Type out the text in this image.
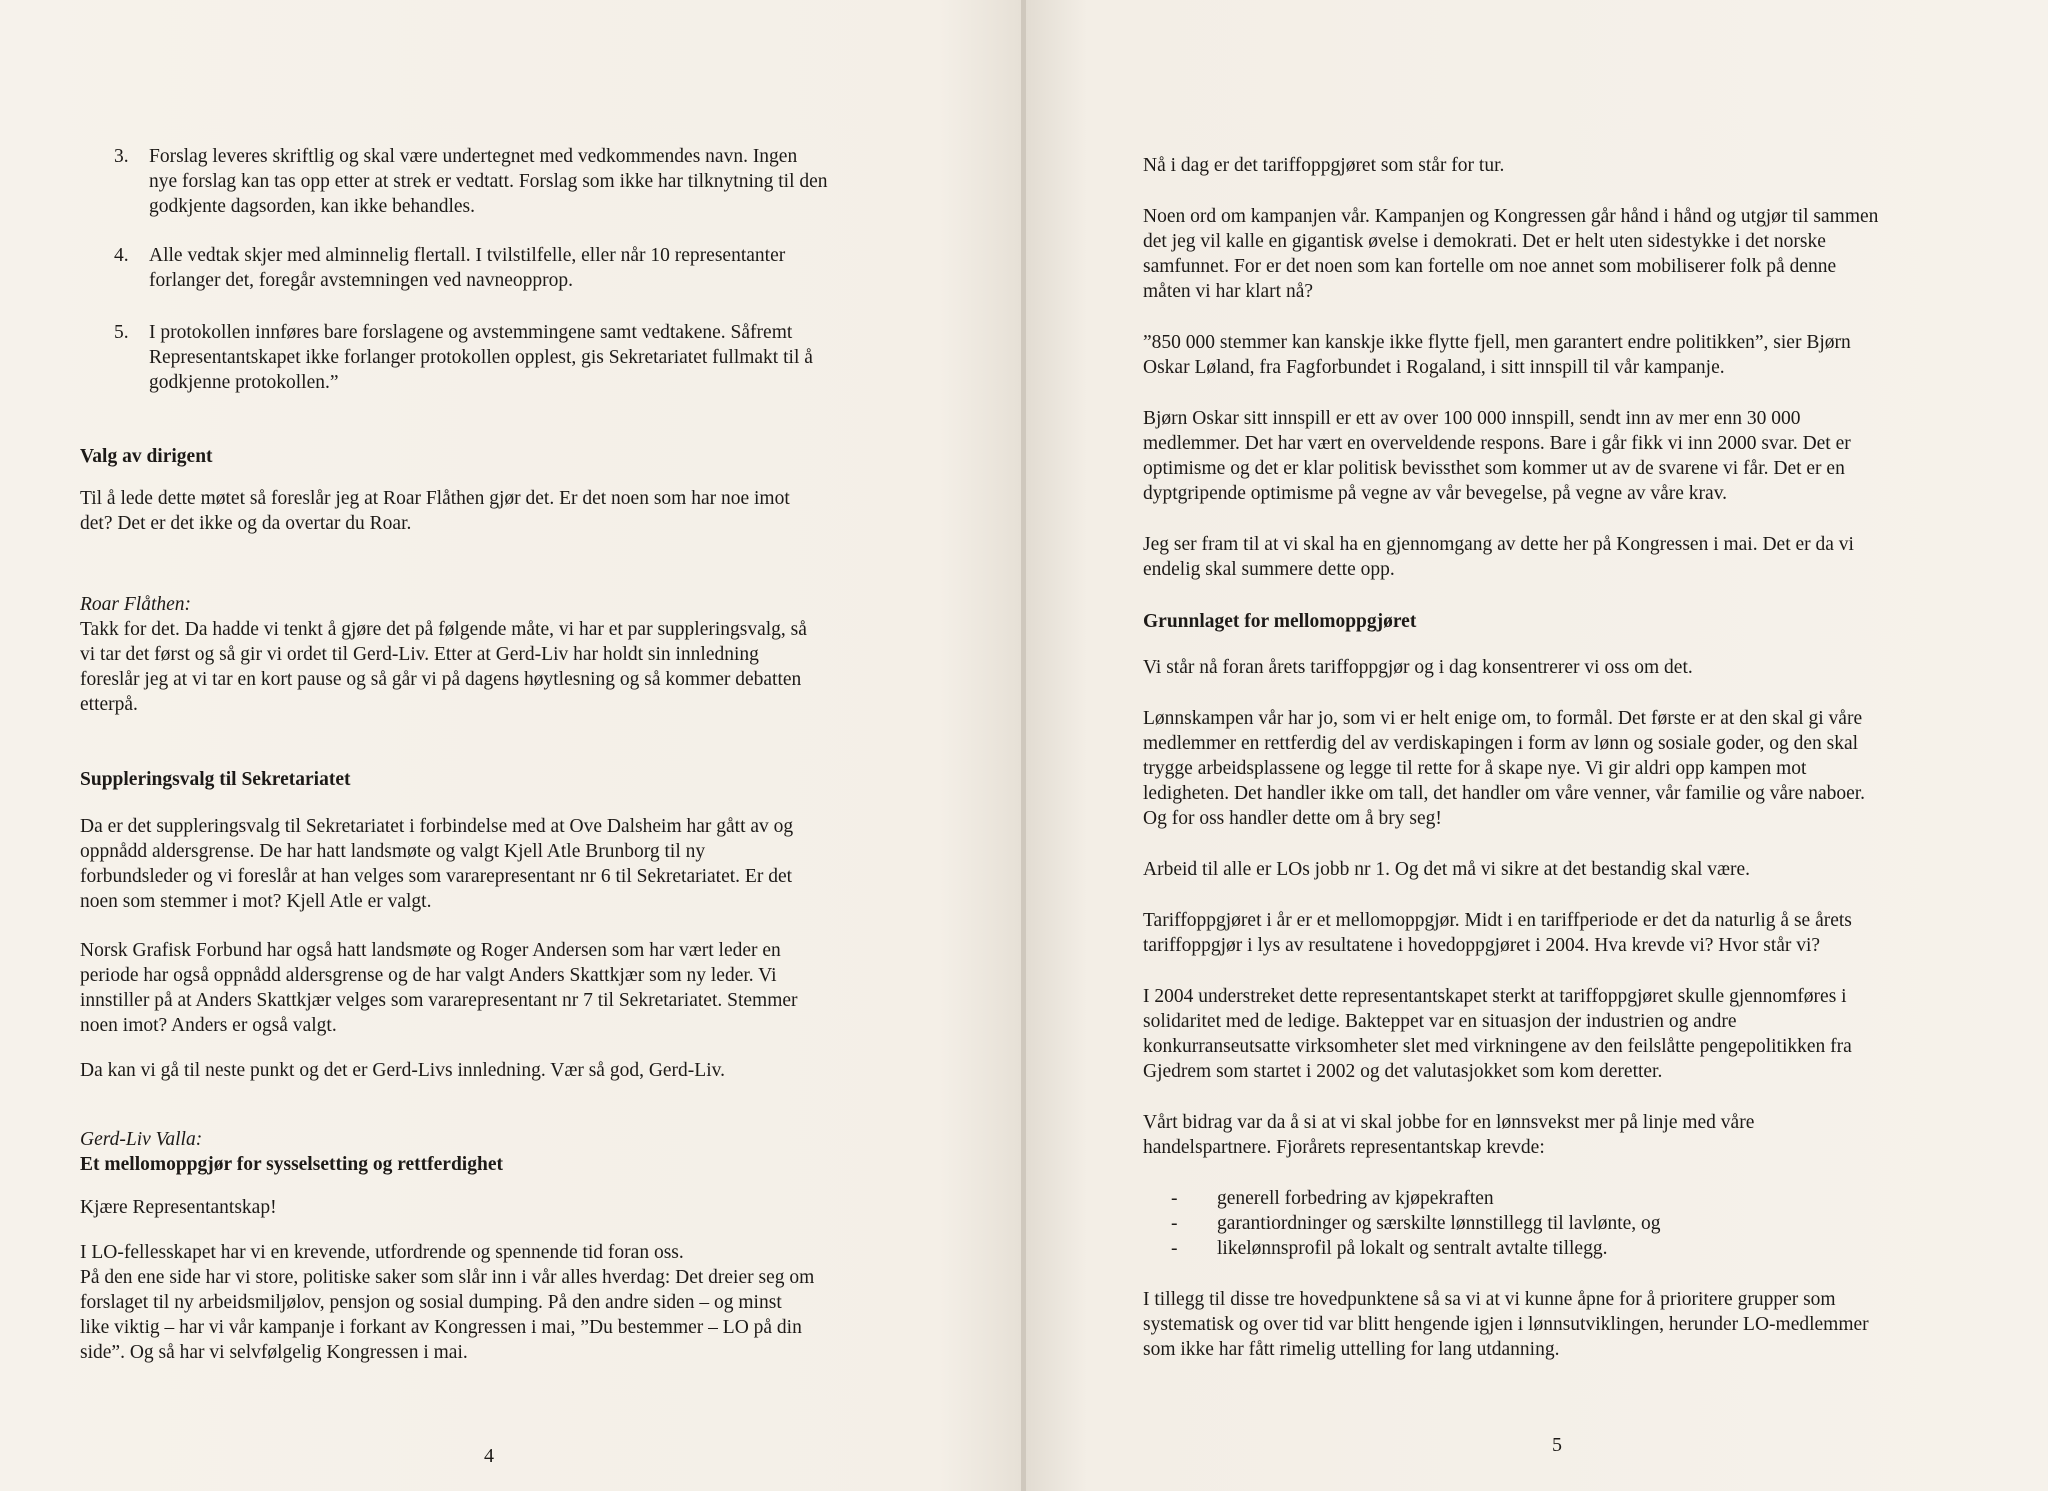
3. Forslag leveres skriftlig og skal være undertegnet med vedkommendes navn. Ingen
nye forslag kan tas opp etter at strek er vedtatt. Forslag som ikke har tilknytning til den
godkjente dagsorden, kan ikke behandles.
4. Alle vedtak skjer med alminnelig flertall. I tvilstilfelle, eller når 10 representanter
forlanger det, foregår avstemningen ved navneopprop.
5. I protokollen innføres bare forslagene og avstemmingene samt vedtakene. Såfremt
Representantskapet ikke forlanger protokollen opplest, gis Sekretariatet fullmakt til å
godkjenne protokollen.”
Valg av dirigent
Til å lede dette møtet så foreslår jeg at Roar Flåthen gjør det. Er det noen som har noe imot
det? Det er det ikke og da overtar du Roar.
Roar Flåthen:
Takk for det. Da hadde vi tenkt å gjøre det på følgende måte, vi har et par suppleringsvalg, så
vi tar det først og så gir vi ordet til Gerd-Liv. Etter at Gerd-Liv har holdt sin innledning
foreslår jeg at vi tar en kort pause og så går vi på dagens høytlesning og så kommer debatten
etterpå.
Suppleringsvalg til Sekretariatet
Da er det suppleringsvalg til Sekretariatet i forbindelse med at Ove Dalsheim har gått av og
oppnådd aldersgrense. De har hatt landsmøte og valgt Kjell Atle Brunborg til ny
forbundsleder og vi foreslår at han velges som vararepresentant nr 6 til Sekretariatet. Er det
noen som stemmer i mot? Kjell Atle er valgt.
Norsk Grafisk Forbund har også hatt landsmøte og Roger Andersen som har vært leder en
periode har også oppnådd aldersgrense og de har valgt Anders Skattkjær som ny leder. Vi
innstiller på at Anders Skattkjær velges som vararepresentant nr 7 til Sekretariatet. Stemmer
noen imot? Anders er også valgt.
Da kan vi gå til neste punkt og det er Gerd-Livs innledning. Vær så god, Gerd-Liv.
Gerd-Liv Valla:
Et mellomoppgjør for sysselsetting og rettferdighet
Kjære Representantskap!
I LO-fellesskapet har vi en krevende, utfordrende og spennende tid foran oss.
På den ene side har vi store, politiske saker som slår inn i vår alles hverdag: Det dreier seg om
forslaget til ny arbeidsmiljølov, pensjon og sosial dumping. På den andre siden – og minst
like viktig – har vi vår kampanje i forkant av Kongressen i mai, ”Du bestemmer – LO på din
side”. Og så har vi selvfølgelig Kongressen i mai.
4
Nå i dag er det tariffoppgjøret som står for tur.
Noen ord om kampanjen vår. Kampanjen og Kongressen går hånd i hånd og utgjør til sammen
det jeg vil kalle en gigantisk øvelse i demokrati. Det er helt uten sidestykke i det norske
samfunnet. For er det noen som kan fortelle om noe annet som mobiliserer folk på denne
måten vi har klart nå?
”850 000 stemmer kan kanskje ikke flytte fjell, men garantert endre politikken”, sier Bjørn
Oskar Løland, fra Fagforbundet i Rogaland, i sitt innspill til vår kampanje.
Bjørn Oskar sitt innspill er ett av over 100 000 innspill, sendt inn av mer enn 30 000
medlemmer. Det har vært en overveldende respons. Bare i går fikk vi inn 2000 svar. Det er
optimisme og det er klar politisk bevissthet som kommer ut av de svarene vi får. Det er en
dyptgripende optimisme på vegne av vår bevegelse, på vegne av våre krav.
Jeg ser fram til at vi skal ha en gjennomgang av dette her på Kongressen i mai. Det er da vi
endelig skal summere dette opp.
Grunnlaget for mellomoppgjøret
Vi står nå foran årets tariffoppgjør og i dag konsentrerer vi oss om det.
Lønnskampen vår har jo, som vi er helt enige om, to formål. Det første er at den skal gi våre
medlemmer en rettferdig del av verdiskapingen i form av lønn og sosiale goder, og den skal
trygge arbeidsplassene og legge til rette for å skape nye. Vi gir aldri opp kampen mot
ledigheten. Det handler ikke om tall, det handler om våre venner, vår familie og våre naboer.
Og for oss handler dette om å bry seg!
Arbeid til alle er LOs jobb nr 1. Og det må vi sikre at det bestandig skal være.
Tariffoppgjøret i år er et mellomoppgjør. Midt i en tariffperiode er det da naturlig å se årets
tariffoppgjør i lys av resultatene i hovedoppgjøret i 2004. Hva krevde vi? Hvor står vi?
I 2004 understreket dette representantskapet sterkt at tariffoppgjøret skulle gjennomføres i
solidaritet med de ledige. Bakteppet var en situasjon der industrien og andre
konkurranseutsatte virksomheter slet med virkningene av den feilslåtte pengepolitikken fra
Gjedrem som startet i 2002 og det valutasjokket som kom deretter.
Vårt bidrag var da å si at vi skal jobbe for en lønnsvekst mer på linje med våre
handelspartnere. Fjorårets representantskap krevde:
- generell forbedring av kjøpekraften
- garantiordninger og særskilte lønnstillegg til lavlønte, og
- likelønnsprofil på lokalt og sentralt avtalte tillegg.
I tillegg til disse tre hovedpunktene så sa vi at vi kunne åpne for å prioritere grupper som
systematisk og over tid var blitt hengende igjen i lønnsutviklingen, herunder LO-medlemmer
som ikke har fått rimelig uttelling for lang utdanning.
5
